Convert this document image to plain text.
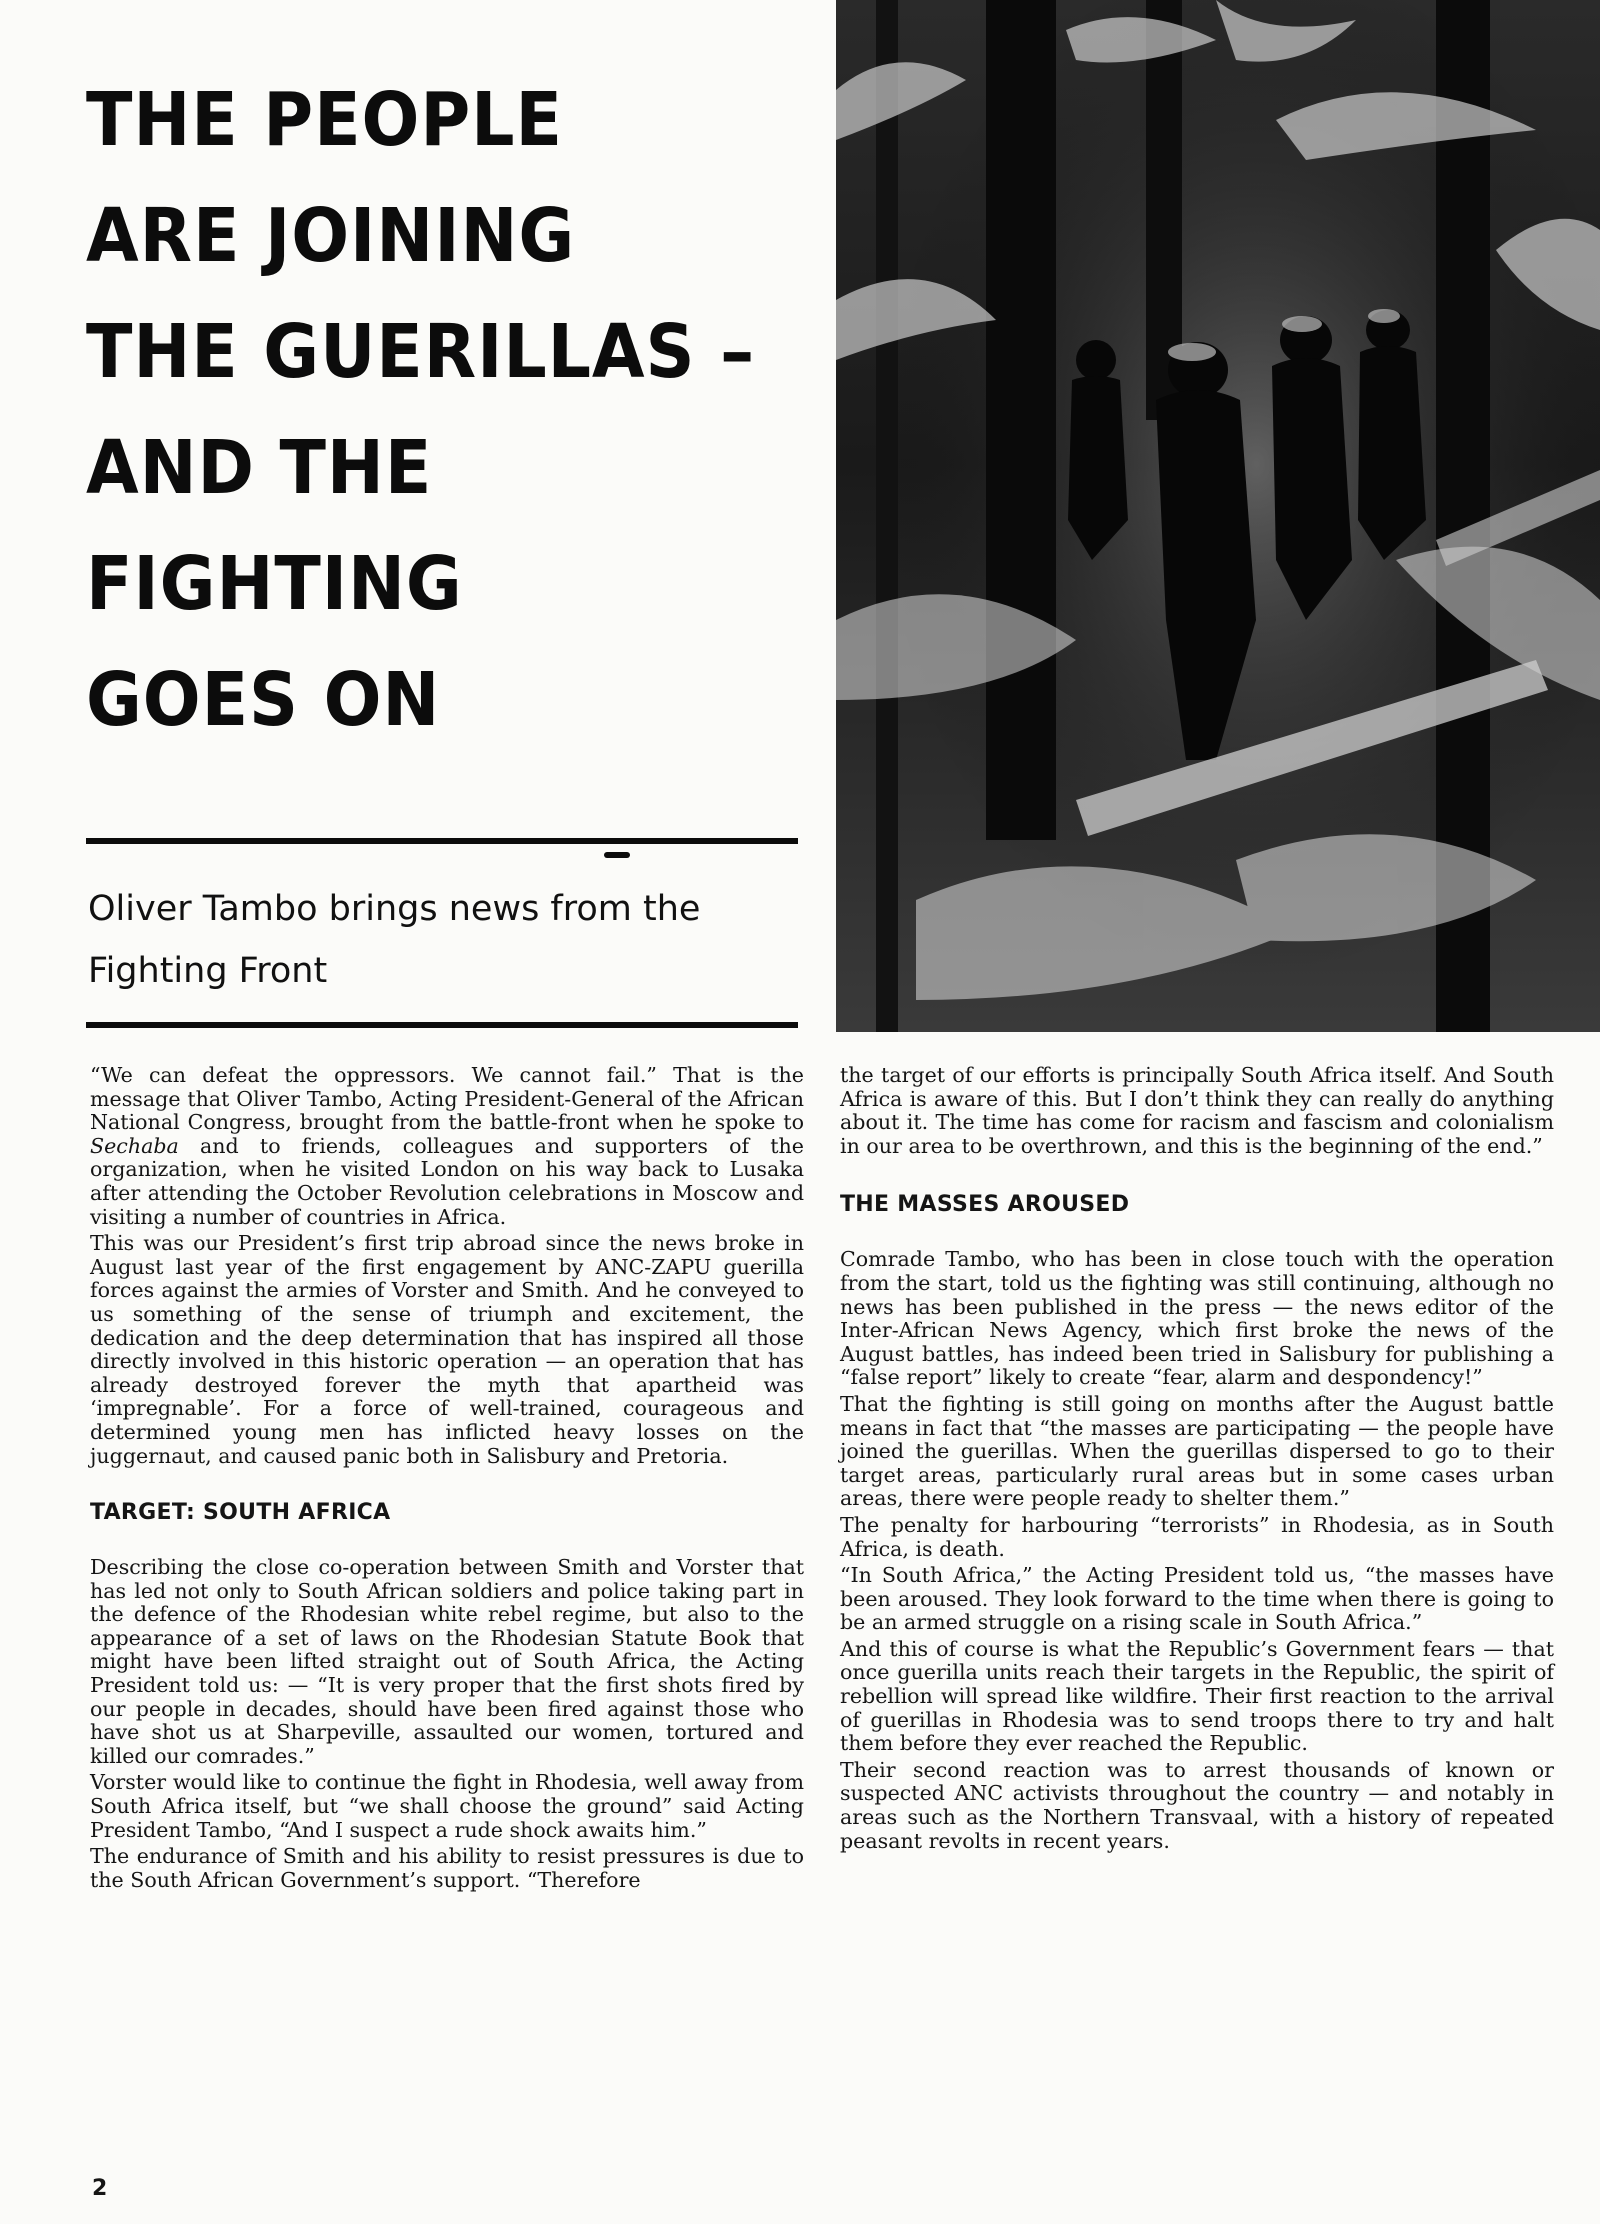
THE PEOPLE
ARE JOINING
THE GUERILLAS –
AND THE
FIGHTING
GOES ON
Oliver Tambo brings news from the
Fighting Front

“We can defeat the oppressors. We cannot fail.” That is the message that Oliver Tambo, Acting President-General of the African National Congress, brought from the battle-front when he spoke to Sechaba and to friends, colleagues and supporters of the organization, when he visited London on his way back to Lusaka after attending the October Revolution celebrations in Moscow and visiting a number of countries in Africa.

This was our President’s first trip abroad since the news broke in August last year of the first engagement by ANC-ZAPU guerilla forces against the armies of Vorster and Smith. And he conveyed to us something of the sense of triumph and excitement, the dedication and the deep determination that has inspired all those directly involved in this historic operation — an operation that has already destroyed forever the myth that apartheid was ‘impregnable’. For a force of well-trained, courageous and determined young men has inflicted heavy losses on the juggernaut, and caused panic both in Salisbury and Pretoria.

TARGET: SOUTH AFRICA

Describing the close co-operation between Smith and Vorster that has led not only to South African soldiers and police taking part in the defence of the Rhodesian white rebel regime, but also to the appearance of a set of laws on the Rhodesian Statute Book that might have been lifted straight out of South Africa, the Acting President told us: — “It is very proper that the first shots fired by our people in decades, should have been fired against those who have shot us at Sharpeville, assaulted our women, tortured and killed our comrades.”

Vorster would like to continue the fight in Rhodesia, well away from South Africa itself, but “we shall choose the ground” said Acting President Tambo, “And I suspect a rude shock awaits him.”

The endurance of Smith and his ability to resist pressures is due to the South African Government’s support. “Therefore

the target of our efforts is principally South Africa itself. And South Africa is aware of this. But I don’t think they can really do anything about it. The time has come for racism and fascism and colonialism in our area to be overthrown, and this is the beginning of the end.”

THE MASSES AROUSED

Comrade Tambo, who has been in close touch with the operation from the start, told us the fighting was still continuing, although no news has been published in the press — the news editor of the Inter-African News Agency, which first broke the news of the August battles, has indeed been tried in Salisbury for publishing a “false report” likely to create “fear, alarm and despondency!”

That the fighting is still going on months after the August battle means in fact that “the masses are participating — the people have joined the guerillas. When the guerillas dispersed to go to their target areas, particularly rural areas but in some cases urban areas, there were people ready to shelter them.”

The penalty for harbouring “terrorists” in Rhodesia, as in South Africa, is death.

“In South Africa,” the Acting President told us, “the masses have been aroused. They look forward to the time when there is going to be an armed struggle on a rising scale in South Africa.”

And this of course is what the Republic’s Government fears — that once guerilla units reach their targets in the Republic, the spirit of rebellion will spread like wildfire. Their first reaction to the arrival of guerillas in Rhodesia was to send troops there to try and halt them before they ever reached the Republic.

Their second reaction was to arrest thousands of known or suspected ANC activists throughout the country — and notably in areas such as the Northern Transvaal, with a history of repeated peasant revolts in recent years.

2
